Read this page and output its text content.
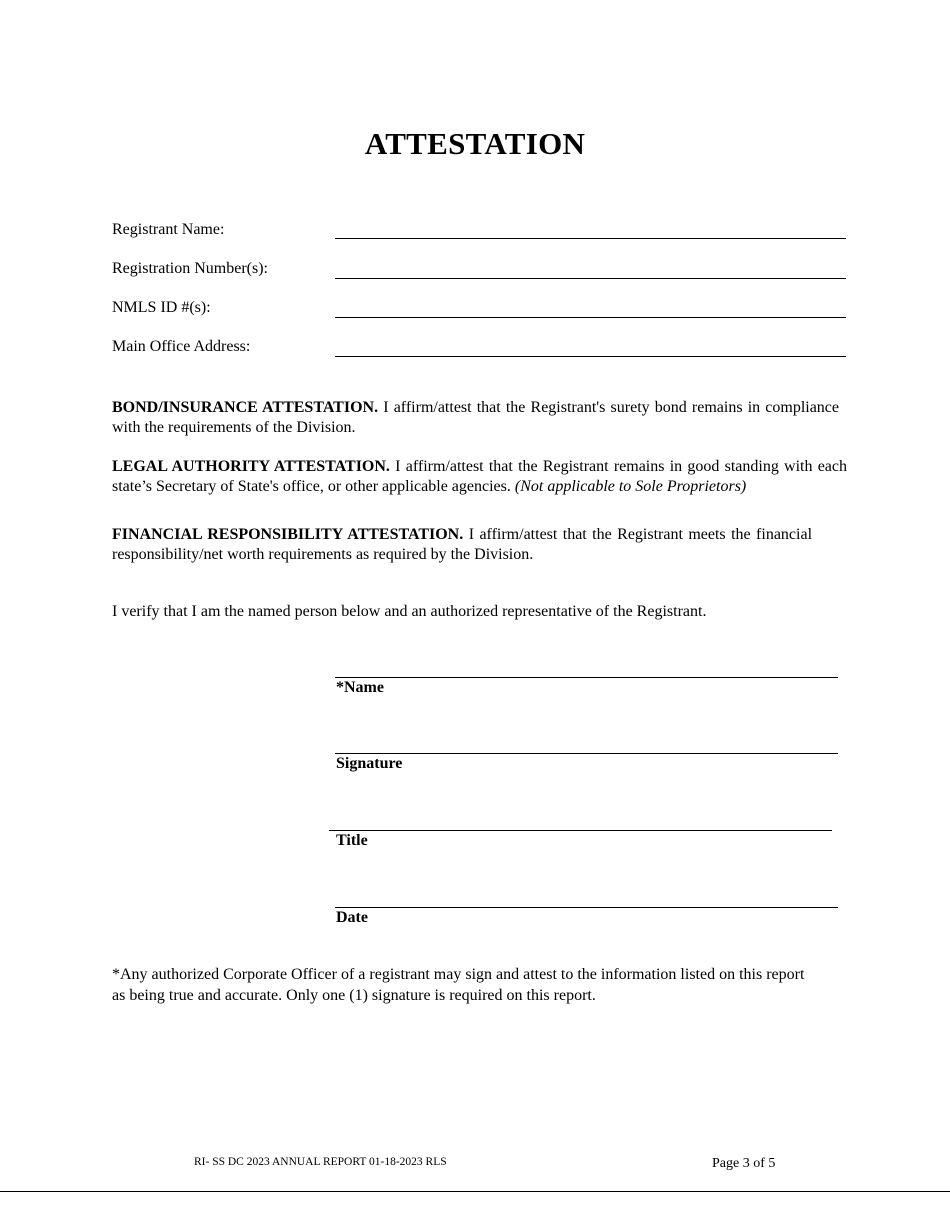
ATTESTATION
Registrant Name:
Registration Number(s):
NMLS ID #(s):
Main Office Address:
BOND/INSURANCE ATTESTATION. I affirm/attest that the Registrant's surety bond remains in compliance with the requirements of the Division.
LEGAL AUTHORITY ATTESTATION. I affirm/attest that the Registrant remains in good standing with each state’s Secretary of State's office, or other applicable agencies. (Not applicable to Sole Proprietors)
FINANCIAL RESPONSIBILITY ATTESTATION. I affirm/attest that the Registrant meets the financial responsibility/net worth requirements as required by the Division.
I verify that I am the named person below and an authorized representative of the Registrant.
*Name
Signature
Title
Date
*Any authorized Corporate Officer of a registrant may sign and attest to the information listed on this report as being true and accurate. Only one (1) signature is required on this report.
RI- SS DC 2023 ANNUAL REPORT 01-18-2023 RLS	Page 3 of 5
